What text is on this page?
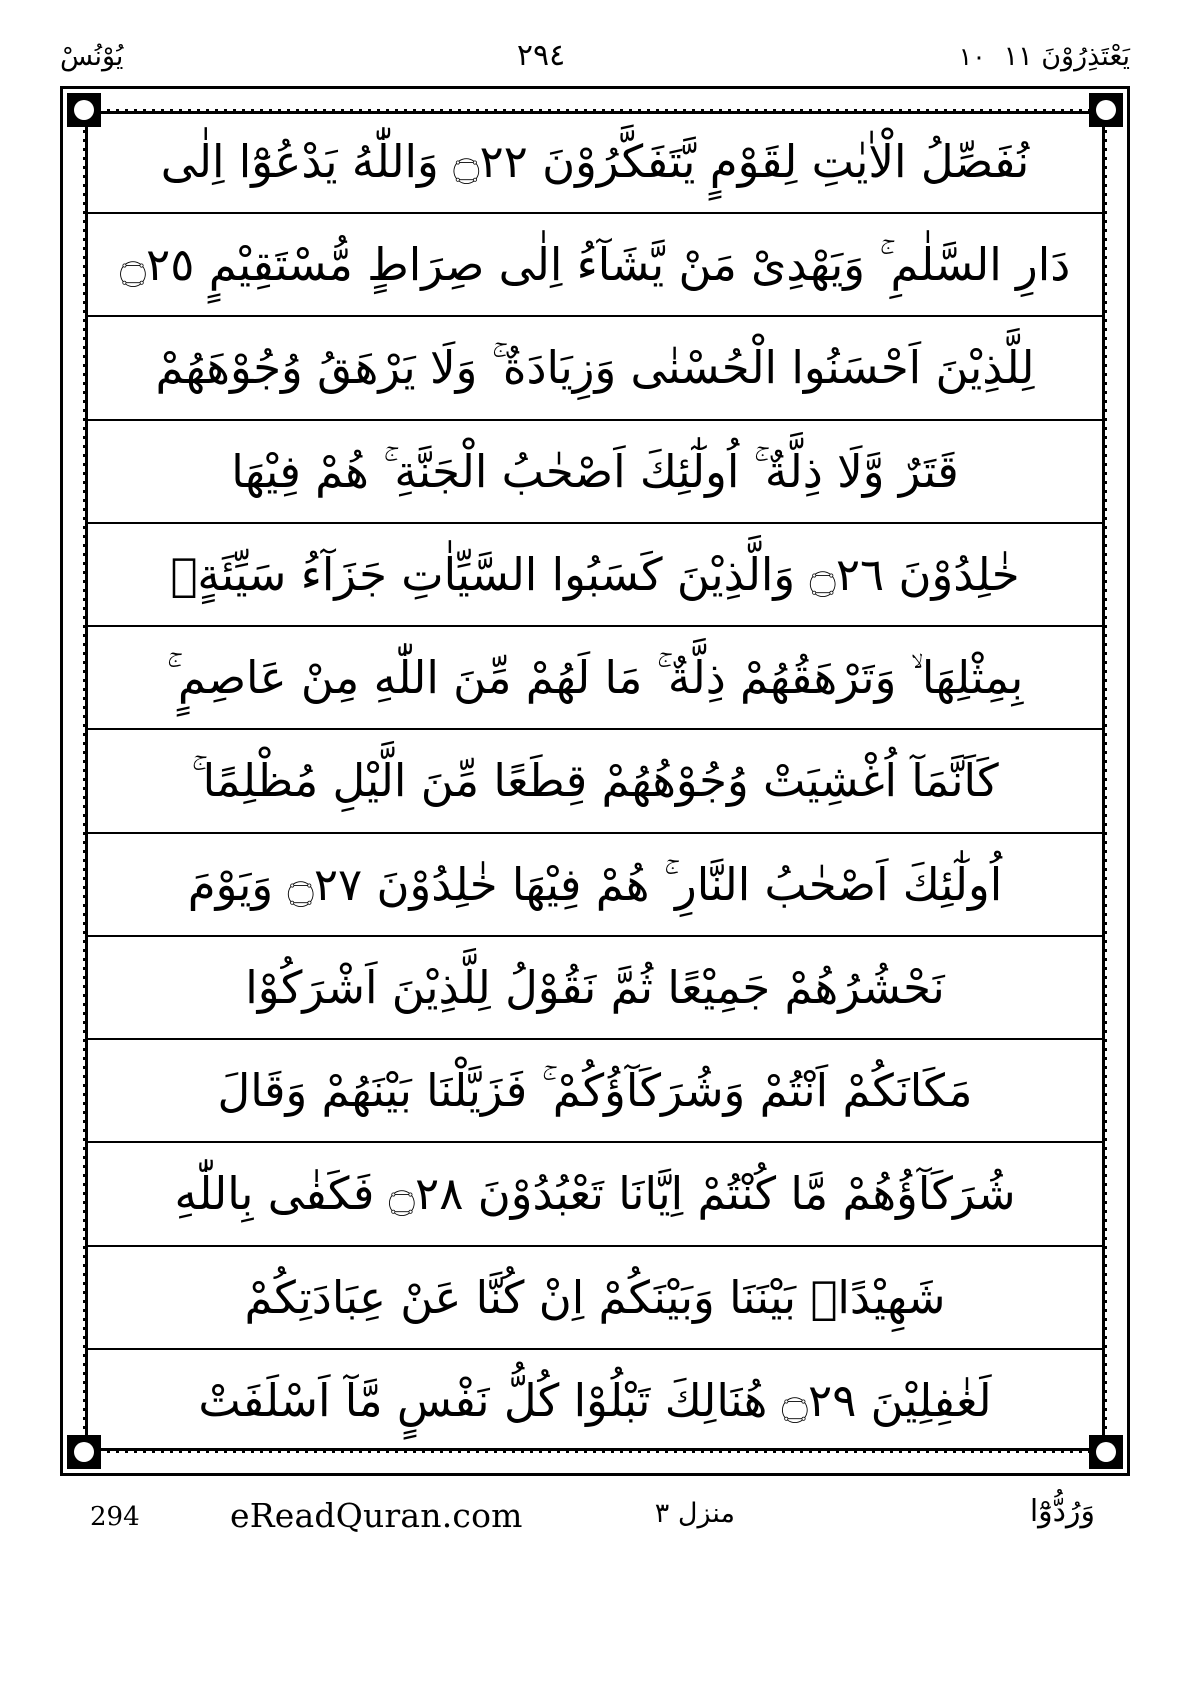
يَعْتَذِرُوْنَ ١١
١٠
٢٩٤
يُوْنُسْ
نُفَصِّلُ الْاٰيٰتِ لِقَوْمٍ يَّتَفَكَّرُوْنَ ۝٢٢ وَاللّٰهُ يَدْعُوْٓا اِلٰى
دَارِ السَّلٰمِ ۚ وَيَهْدِىْ مَنْ يَّشَآءُ اِلٰى صِرَاطٍ مُّسْتَقِيْمٍ ۝٢٥
لِلَّذِيْنَ اَحْسَنُوا الْحُسْنٰى وَزِيَادَةٌ ۚ وَلَا يَرْهَقُ وُجُوْهَهُمْ
قَتَرٌ وَّلَا ذِلَّةٌ ۚ اُولٰٓئِكَ اَصْحٰبُ الْجَنَّةِ ۚ هُمْ فِيْهَا
خٰلِدُوْنَ ۝٢٦ وَالَّذِيْنَ كَسَبُوا السَّيِّاٰتِ جَزَآءُ سَيِّئَةٍۢ
بِمِثْلِهَا ۙ وَتَرْهَقُهُمْ ذِلَّةٌ ۚ مَا لَهُمْ مِّنَ اللّٰهِ مِنْ عَاصِمٍ ۚ
كَاَنَّمَآ اُغْشِيَتْ وُجُوْهُهُمْ قِطَعًا مِّنَ الَّيْلِ مُظْلِمًا ۚ
اُولٰٓئِكَ اَصْحٰبُ النَّارِ ۚ هُمْ فِيْهَا خٰلِدُوْنَ ۝٢٧ وَيَوْمَ
نَحْشُرُهُمْ جَمِيْعًا ثُمَّ نَقُوْلُ لِلَّذِيْنَ اَشْرَكُوْا
مَكَانَكُمْ اَنْتُمْ وَشُرَكَآؤُكُمْ ۚ فَزَيَّلْنَا بَيْنَهُمْ وَقَالَ
شُرَكَآؤُهُمْ مَّا كُنْتُمْ اِيَّانَا تَعْبُدُوْنَ ۝٢٨ فَكَفٰى بِاللّٰهِ
شَهِيْدًاۢ بَيْنَنَا وَبَيْنَكُمْ اِنْ كُنَّا عَنْ عِبَادَتِكُمْ
لَغٰفِلِيْنَ ۝٢٩ هُنَالِكَ تَبْلُوْا كُلُّ نَفْسٍ مَّآ اَسْلَفَتْ
وَرُدُّوْٓا
منزل ٣
eReadQuran.com
294
